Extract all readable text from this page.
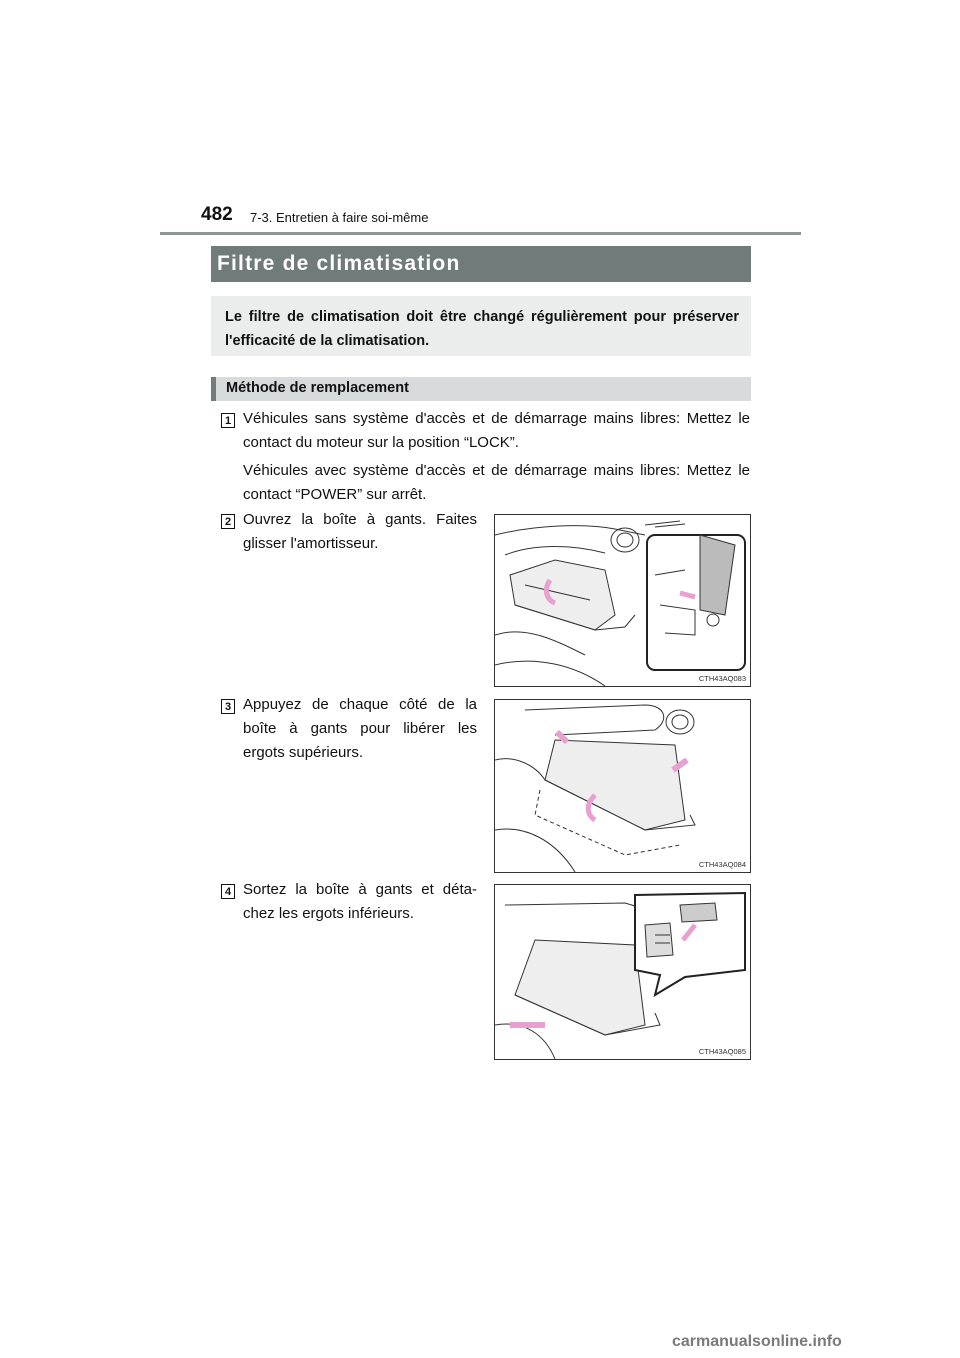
482 7-3. Entretien à faire soi-même
Filtre de climatisation
Le filtre de climatisation doit être changé régulièrement pour préserver l'efficacité de la climatisation.
Méthode de remplacement
1 Véhicules sans système d'accès et de démarrage mains libres: Mettez le contact du moteur sur la position “LOCK”.
Véhicules avec système d'accès et de démarrage mains libres: Mettez le contact “POWER” sur arrêt.
2 Ouvrez la boîte à gants. Faites glisser l'amortisseur.
CTH43AQ083
3 Appuyez de chaque côté de la boîte à gants pour libérer les ergots supérieurs.
CTH43AQ084
4 Sortez la boîte à gants et déta-chez les ergots inférieurs.
CTH43AQ085
carmanualsonline.info
